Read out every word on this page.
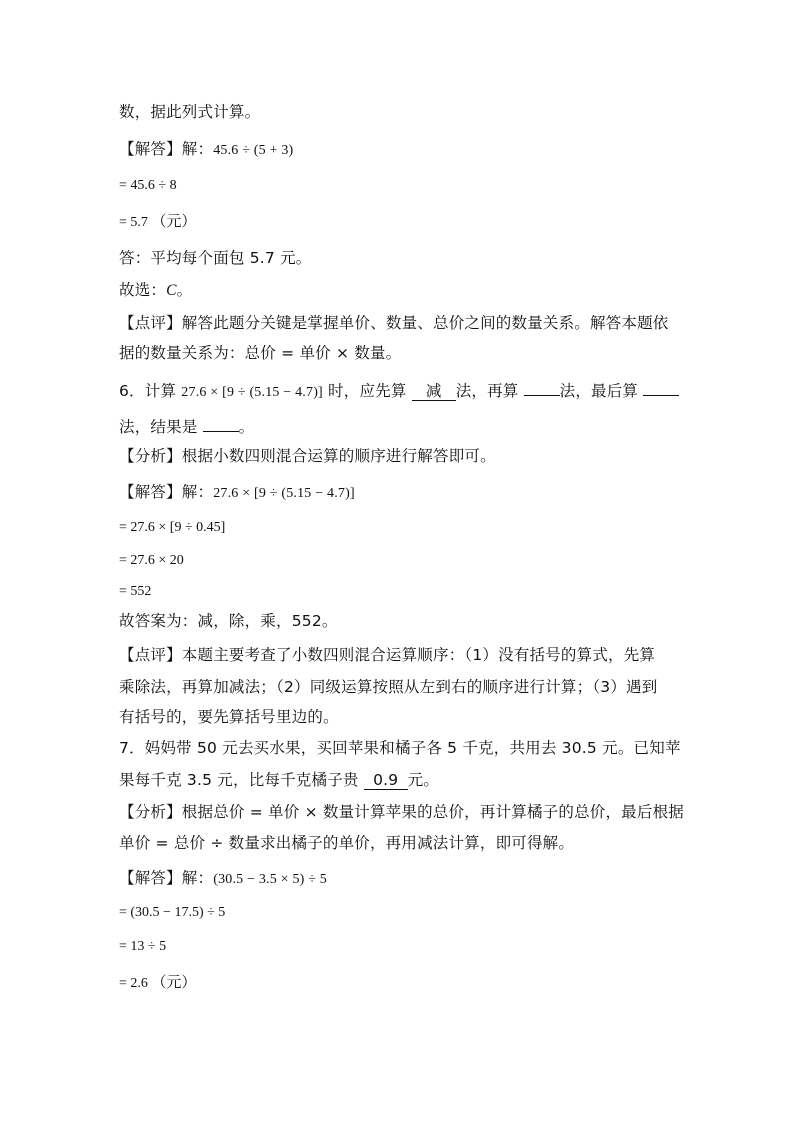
数，据此列式计算。
【解答】解：45.6 ÷ (5 + 3)
= 45.6 ÷ 8
= 5.7 （元）
答：平均每个面包 5.7 元。
故选：C。
【点评】解答此题分关键是掌握单价、数量、总价之间的数量关系。解答本题依
据的数量关系为：总价 = 单价 × 数量。
6．计算 27.6 × [9 ÷ (5.15 − 4.7)] 时，应先算 减 法，再算 法，最后算
法，结果是 。
【分析】根据小数四则混合运算的顺序进行解答即可。
【解答】解：27.6 × [9 ÷ (5.15 − 4.7)]
= 27.6 × [9 ÷ 0.45]
= 27.6 × 20
= 552
故答案为：减，除，乘，552。
【点评】本题主要考查了小数四则混合运算顺序：（1）没有括号的算式，先算
乘除法，再算加减法；（2）同级运算按照从左到右的顺序进行计算；（3）遇到
有括号的，要先算括号里边的。
7．妈妈带 50 元去买水果，买回苹果和橘子各 5 千克，共用去 30.5 元。已知苹
果每千克 3.5 元，比每千克橘子贵 0.9 元。
【分析】根据总价 = 单价 × 数量计算苹果的总价，再计算橘子的总价，最后根据
单价 = 总价 ÷ 数量求出橘子的单价，再用减法计算，即可得解。
【解答】解：(30.5 − 3.5 × 5) ÷ 5
= (30.5 − 17.5) ÷ 5
= 13 ÷ 5
= 2.6 （元）
